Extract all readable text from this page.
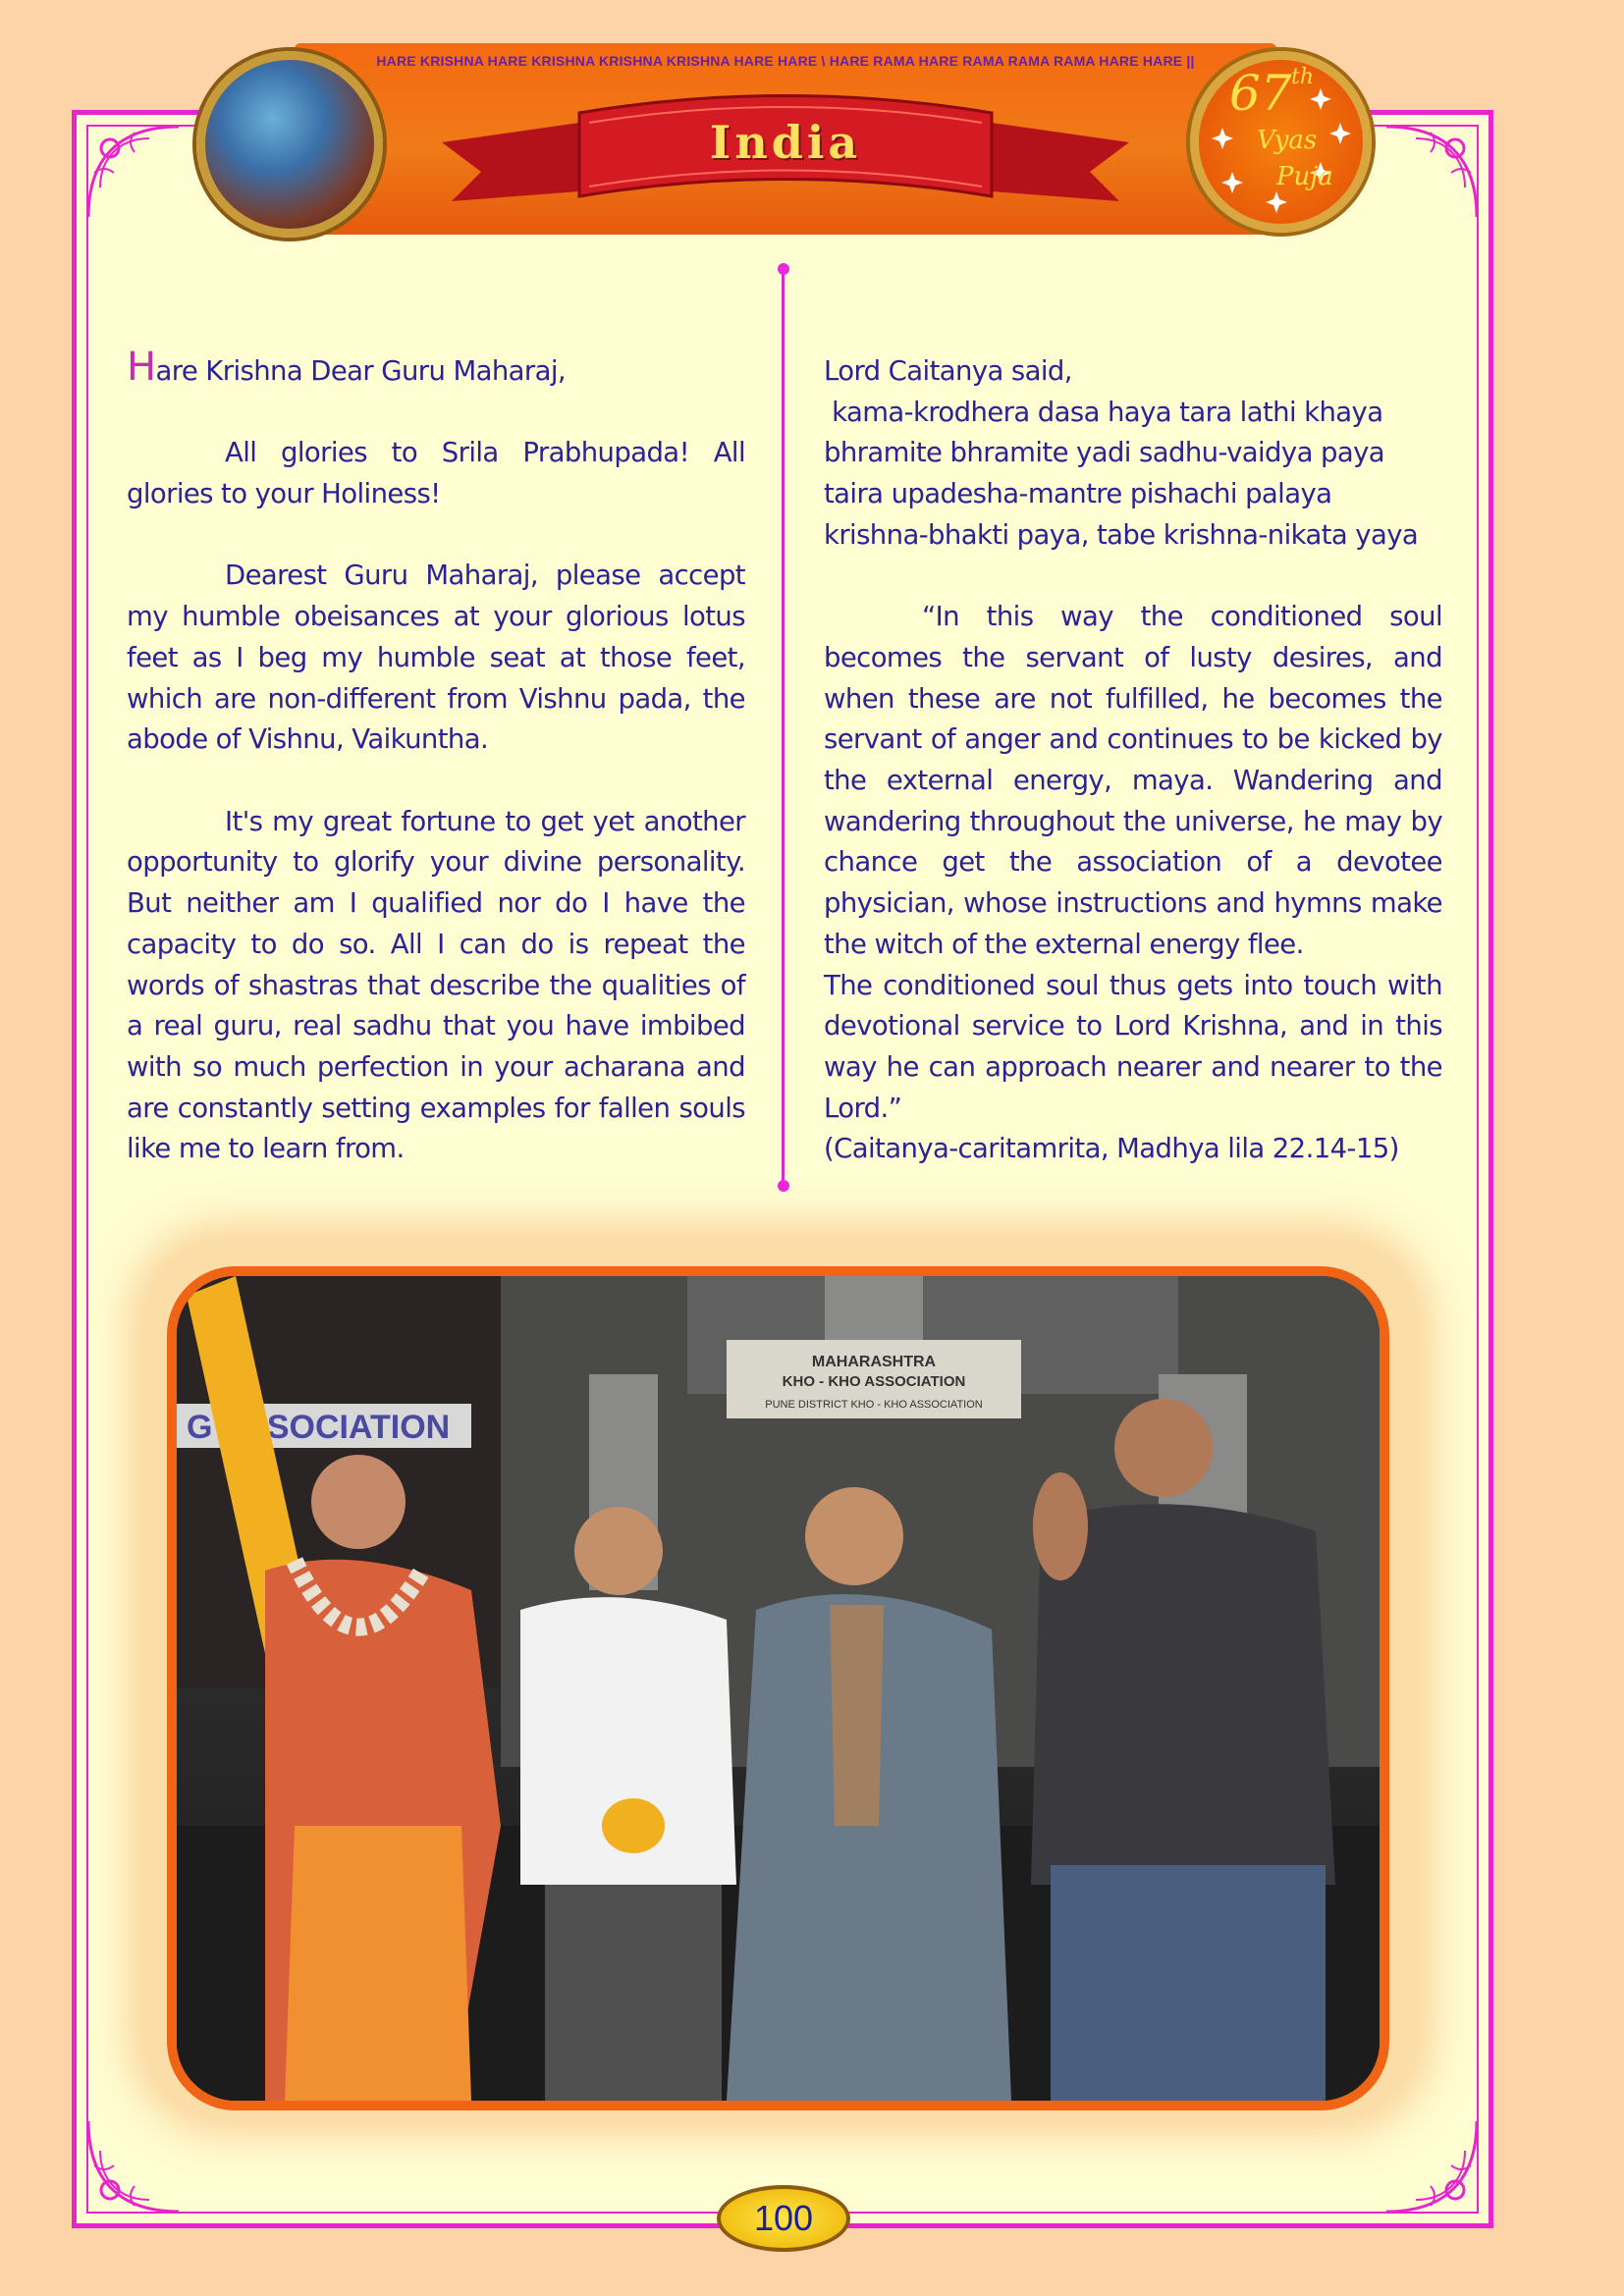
HARE KRISHNA HARE KRISHNA KRISHNA KRISHNA HARE HARE \ HARE RAMA HARE RAMA RAMA RAMA HARE HARE ||
India
67 th
Vyas
Puja

Hare Krishna Dear Guru Maharaj,

All glories to Srila Prabhupada! All glories to your Holiness!

Dearest Guru Maharaj, please accept my humble obeisances at your glorious lotus feet as I beg my humble seat at those feet, which are non-different from Vishnu pada, the abode of Vishnu, Vaikuntha.

It's my great fortune to get yet another opportunity to glorify your divine personality. But neither am I qualified nor do I have the capacity to do so. All I can do is repeat the words of shastras that describe the qualities of a real guru, real sadhu that you have imbibed with so much perfection in your acharana and are constantly setting examples for fallen souls like me to learn from.

Lord Caitanya said,

kama-krodhera dasa haya tara lathi khaya

bhramite bhramite yadi sadhu-vaidya paya

taira upadesha-mantre pishachi palaya

krishna-bhakti paya, tabe krishna-nikata yaya

“In this way the conditioned soul becomes the servant of lusty desires, and when these are not fulfilled, he becomes the servant of anger and continues to be kicked by the external energy, maya. Wandering and wandering throughout the universe, he may by chance get the association of a devotee physician, whose instructions and hymns make the witch of the external energy flee.

The conditioned soul thus gets into touch with devotional service to Lord Krishna, and in this way he can approach nearer and nearer to the Lord.”

(Caitanya-caritamrita, Madhya lila 22.14-15)

G ASSOCIATION
MAHARASHTRA
KHO - KHO ASSOCIATION
PUNE DISTRICT KHO - KHO ASSOCIATION
100
